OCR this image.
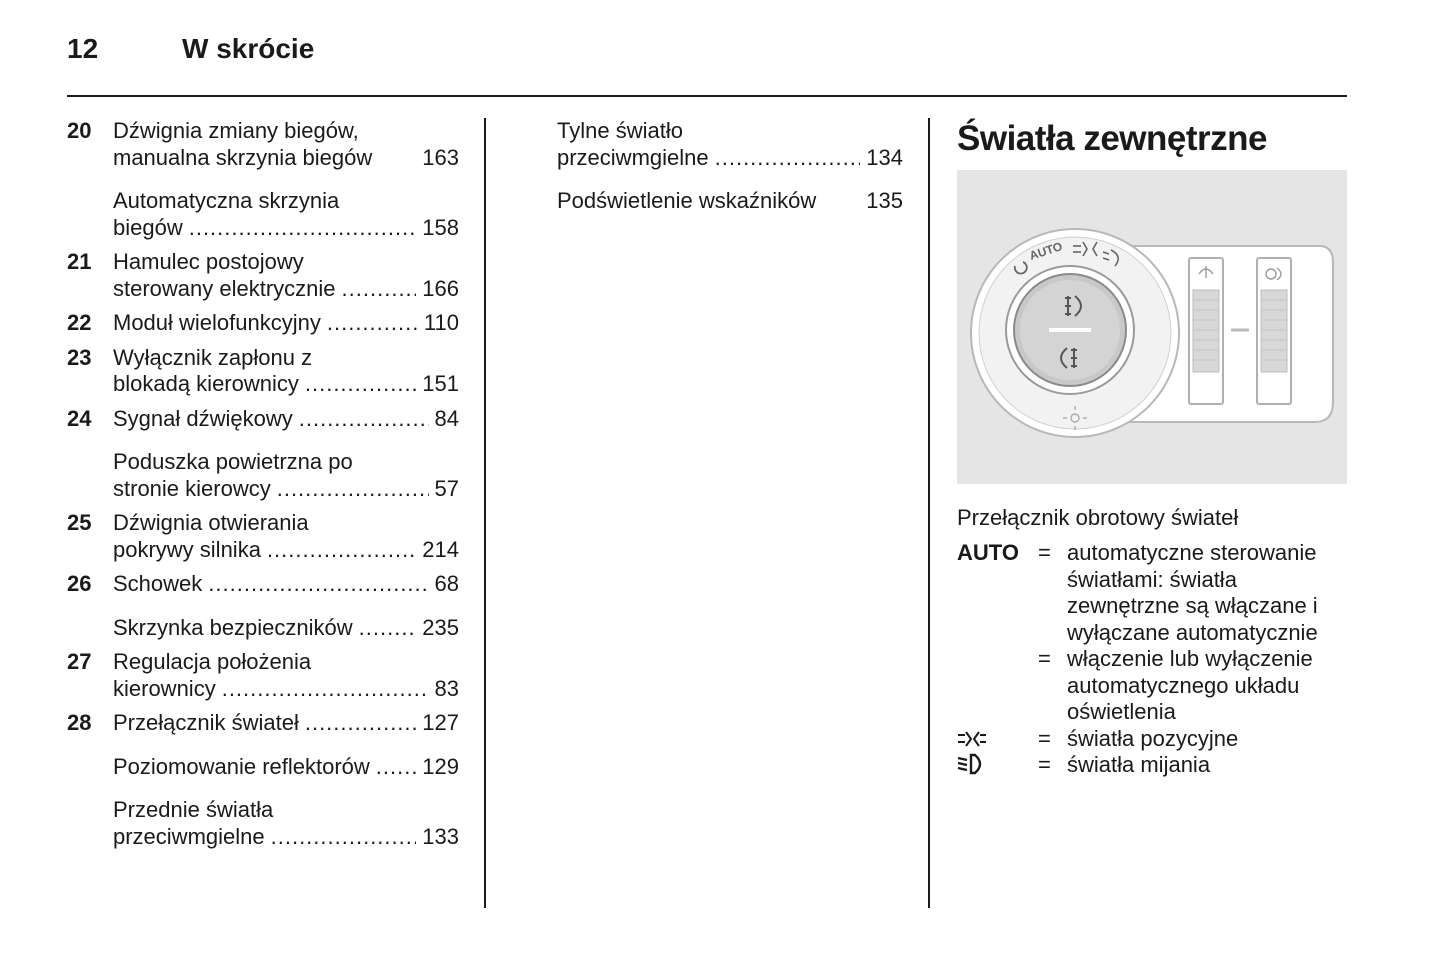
12	W skrócie
20 Dźwignia zmiany biegów,
manualna skrzynia biegów 163
Automatyczna skrzynia
biegów .....	158
21 Hamulec postojowy
sterowany elektrycznie .....	166
22 Moduł wielofunkcyjny .....	110
23 Wyłącznik zapłonu z
blokadą kierownicy .....	151
24 Sygnał dźwiękowy .....	84
Poduszka powietrzna po
stronie kierowcy .....	57
25 Dźwignia otwierania
pokrywy silnika .....	214
26 Schowek .....	68
Skrzynka bezpieczników .....	235
27 Regulacja położenia
kierownicy .....	83
28 Przełącznik świateł .....	127
Poziomowanie reflektorów ..... 129
Przednie światła
przeciwmgielne .....	133
Tylne światło
przeciwmgielne .....	134
Podświetlenie wskaźników 135
Światła zewnętrzne
AUTO
Przełącznik obrotowy świateł
AUTO = automatyczne sterowanie światłami: światła zewnętrzne są włączane i wyłączane automatycznie
= włączenie lub wyłączenie automatycznego układu oświetlenia
= światła pozycyjne
= światła mijania
